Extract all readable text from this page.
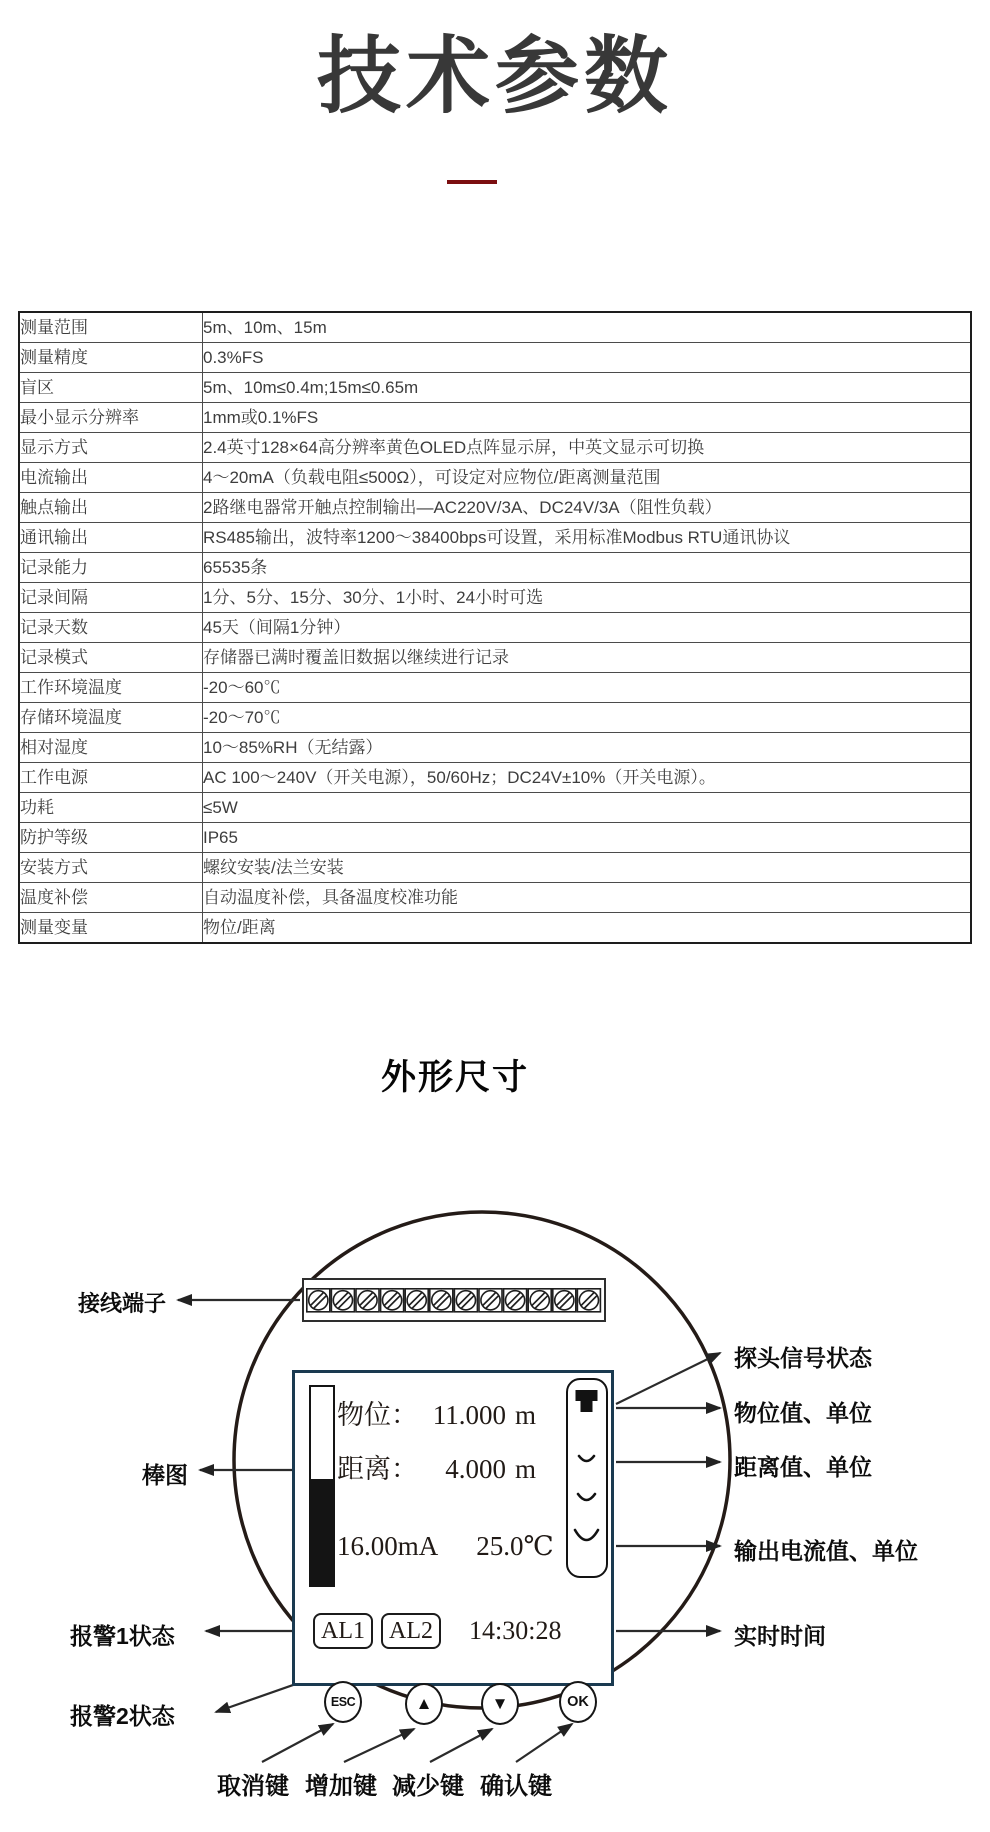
技术参数
测量范围	5m、10m、15m
测量精度	0.3%FS
盲区	5m、10m≤0.4m;15m≤0.65m
最小显示分辨率	1mm或0.1%FS
显示方式	2.4英寸128×64高分辨率黄色OLED点阵显示屏，中英文显示可切换
电流输出	4～20mA（负载电阻≤500Ω），可设定对应物位/距离测量范围
触点输出	2路继电器常开触点控制输出—AC220V/3A、DC24V/3A（阻性负载）
通讯输出	RS485输出，波特率1200～38400bps可设置，采用标准Modbus RTU通讯协议
记录能力	65535条
记录间隔	1分、5分、15分、30分、1小时、24小时可选
记录天数	45天（间隔1分钟）
记录模式	存储器已满时覆盖旧数据以继续进行记录
工作环境温度	-20～60℃
存储环境温度	-20～70℃
相对湿度	10～85%RH（无结露）
工作电源	AC 100～240V（开关电源），50/60Hz；DC24V±10%（开关电源）。
功耗	≤5W
防护等级	IP65
安装方式	螺纹安装/法兰安装
温度补偿	自动温度补偿，具备温度校准功能
测量变量	物位/距离
外形尺寸
物位： 11.000 m
距离： 4.000 m
16.00mA 25.0℃
AL1	AL2	14:30:28
接线端子
棒图
报警1状态
报警2状态
探头信号状态
物位值、单位
距离值、单位
输出电流值、单位
实时时间
ESC	▲	▼	OK
取消键 增加键 减少键 确认键
